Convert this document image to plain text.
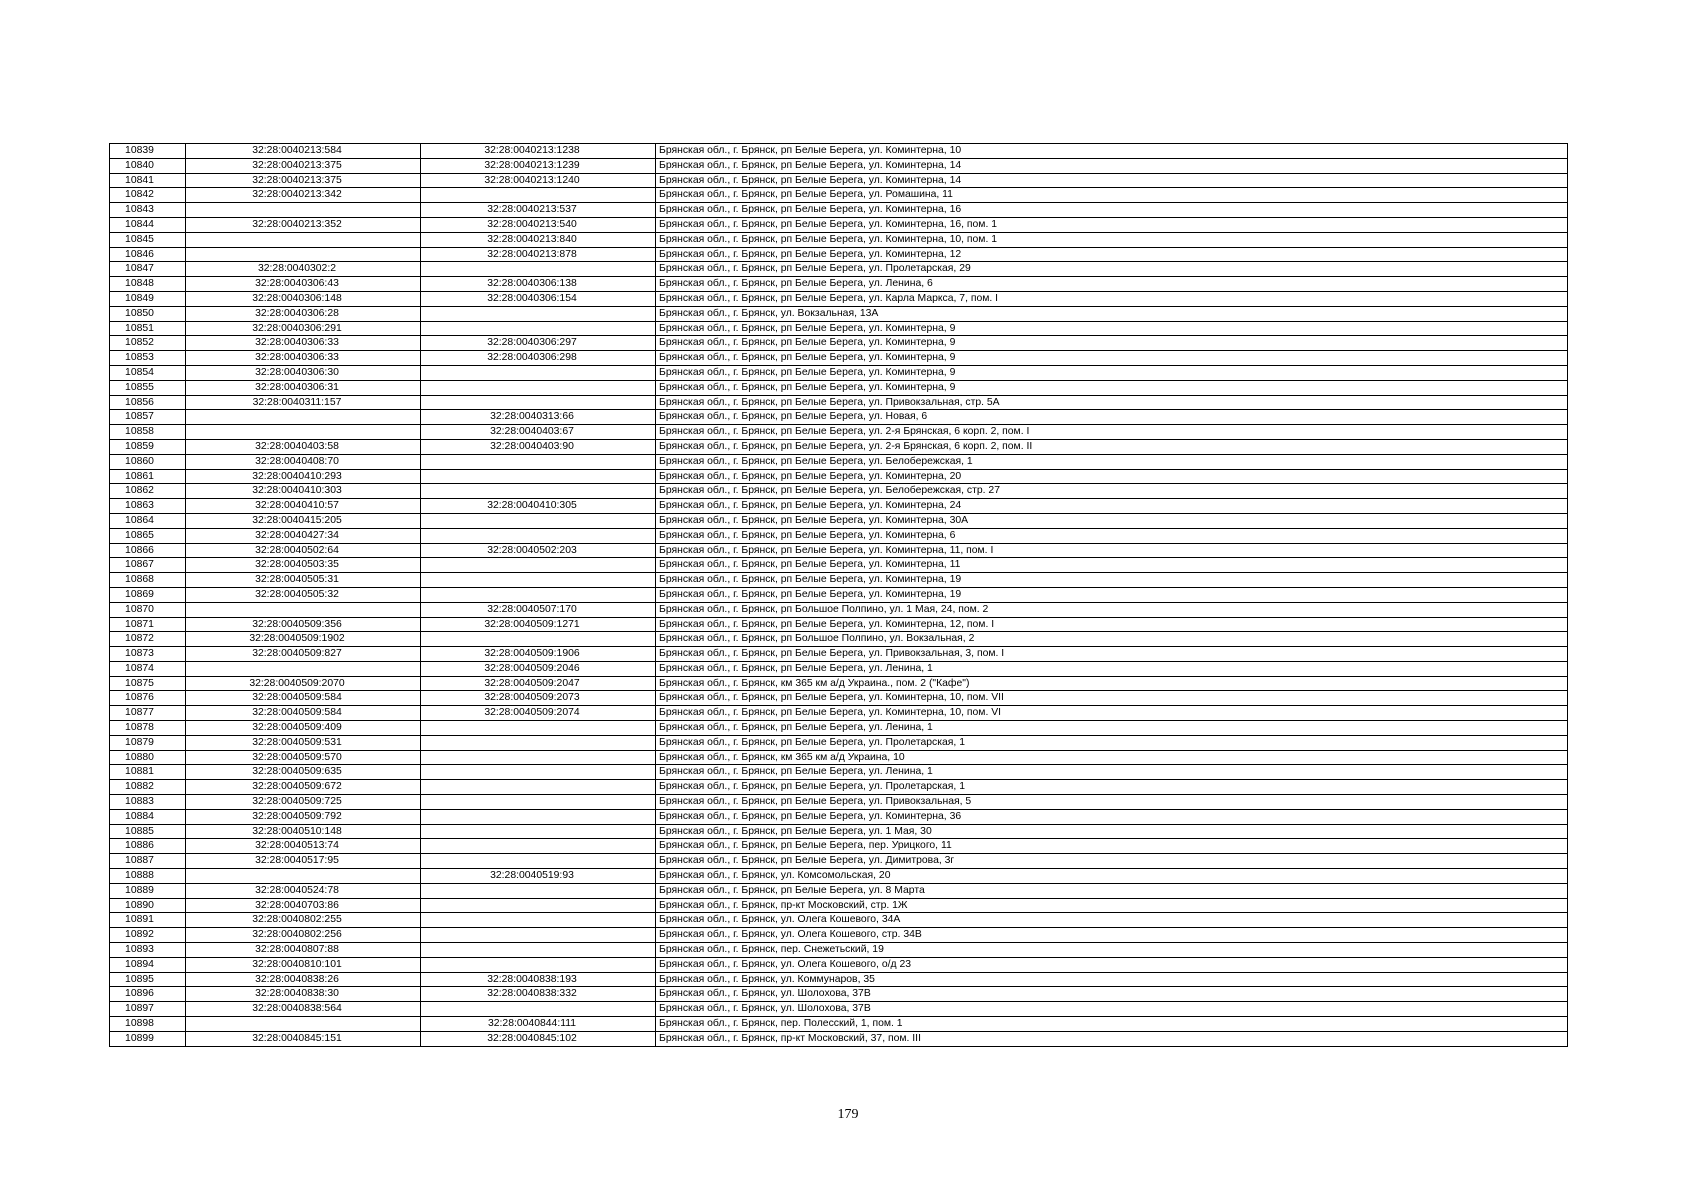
10839	32:28:0040213:584	32:28:0040213:1238	Брянская обл., г. Брянск, рп Белые Берега, ул. Коминтерна, 10
10840	32:28:0040213:375	32:28:0040213:1239	Брянская обл., г. Брянск, рп Белые Берега, ул. Коминтерна, 14
10841	32:28:0040213:375	32:28:0040213:1240	Брянская обл., г. Брянск, рп Белые Берега, ул. Коминтерна, 14
10842	32:28:0040213:342		Брянская обл., г. Брянск, рп Белые Берега, ул. Ромашина, 11
10843		32:28:0040213:537	Брянская обл., г. Брянск, рп Белые Берега, ул. Коминтерна, 16
10844	32:28:0040213:352	32:28:0040213:540	Брянская обл., г. Брянск, рп Белые Берега, ул. Коминтерна, 16, пом. 1
10845		32:28:0040213:840	Брянская обл., г. Брянск, рп Белые Берега, ул. Коминтерна, 10, пом. 1
10846		32:28:0040213:878	Брянская обл., г. Брянск, рп Белые Берега, ул. Коминтерна, 12
10847	32:28:0040302:2		Брянская обл., г. Брянск, рп Белые Берега, ул. Пролетарская, 29
10848	32:28:0040306:43	32:28:0040306:138	Брянская обл., г. Брянск, рп Белые Берега, ул. Ленина, 6
10849	32:28:0040306:148	32:28:0040306:154	Брянская обл., г. Брянск, рп Белые Берега, ул. Карла Маркса, 7, пом. I
10850	32:28:0040306:28		Брянская обл., г. Брянск, ул. Вокзальная, 13А
10851	32:28:0040306:291		Брянская обл., г. Брянск, рп Белые Берега, ул. Коминтерна, 9
10852	32:28:0040306:33	32:28:0040306:297	Брянская обл., г. Брянск, рп Белые Берега, ул. Коминтерна, 9
10853	32:28:0040306:33	32:28:0040306:298	Брянская обл., г. Брянск, рп Белые Берега, ул. Коминтерна, 9
10854	32:28:0040306:30		Брянская обл., г. Брянск, рп Белые Берега, ул. Коминтерна, 9
10855	32:28:0040306:31		Брянская обл., г. Брянск, рп Белые Берега, ул. Коминтерна, 9
10856	32:28:0040311:157		Брянская обл., г. Брянск, рп Белые Берега, ул. Привокзальная, стр. 5А
10857		32:28:0040313:66	Брянская обл., г. Брянск, рп Белые Берега, ул. Новая, 6
10858		32:28:0040403:67	Брянская обл., г. Брянск, рп Белые Берега, ул. 2-я Брянская, 6 корп. 2, пом. I
10859	32:28:0040403:58	32:28:0040403:90	Брянская обл., г. Брянск, рп Белые Берега, ул. 2-я Брянская, 6 корп. 2, пом. II
10860	32:28:0040408:70		Брянская обл., г. Брянск, рп Белые Берега, ул. Белобережская, 1
10861	32:28:0040410:293		Брянская обл., г. Брянск, рп Белые Берега, ул. Коминтерна, 20
10862	32:28:0040410:303		Брянская обл., г. Брянск, рп Белые Берега, ул. Белобережская, стр. 27
10863	32:28:0040410:57	32:28:0040410:305	Брянская обл., г. Брянск, рп Белые Берега, ул. Коминтерна, 24
10864	32:28:0040415:205		Брянская обл., г. Брянск, рп Белые Берега, ул. Коминтерна, 30А
10865	32:28:0040427:34		Брянская обл., г. Брянск, рп Белые Берега, ул. Коминтерна, 6
10866	32:28:0040502:64	32:28:0040502:203	Брянская обл., г. Брянск, рп Белые Берега, ул. Коминтерна, 11, пом. I
10867	32:28:0040503:35		Брянская обл., г. Брянск, рп Белые Берега, ул. Коминтерна, 11
10868	32:28:0040505:31		Брянская обл., г. Брянск, рп Белые Берега, ул. Коминтерна, 19
10869	32:28:0040505:32		Брянская обл., г. Брянск, рп Белые Берега, ул. Коминтерна, 19
10870		32:28:0040507:170	Брянская обл., г. Брянск, рп Большое Полпино, ул. 1 Мая, 24, пом. 2
10871	32:28:0040509:356	32:28:0040509:1271	Брянская обл., г. Брянск, рп Белые Берега, ул. Коминтерна, 12, пом. I
10872	32:28:0040509:1902		Брянская обл., г. Брянск, рп Большое Полпино, ул. Вокзальная, 2
10873	32:28:0040509:827	32:28:0040509:1906	Брянская обл., г. Брянск, рп Белые Берега, ул. Привокзальная, 3, пом. I
10874		32:28:0040509:2046	Брянская обл., г. Брянск, рп Белые Берега, ул. Ленина, 1
10875	32:28:0040509:2070	32:28:0040509:2047	Брянская обл., г. Брянск, км 365 км а/д Украина., пом. 2 ("Кафе")
10876	32:28:0040509:584	32:28:0040509:2073	Брянская обл., г. Брянск, рп Белые Берега, ул. Коминтерна, 10, пом. VII
10877	32:28:0040509:584	32:28:0040509:2074	Брянская обл., г. Брянск, рп Белые Берега, ул. Коминтерна, 10, пом. VI
10878	32:28:0040509:409		Брянская обл., г. Брянск, рп Белые Берега, ул. Ленина, 1
10879	32:28:0040509:531		Брянская обл., г. Брянск, рп Белые Берега, ул. Пролетарская, 1
10880	32:28:0040509:570		Брянская обл., г. Брянск, км 365 км а/д Украина, 10
10881	32:28:0040509:635		Брянская обл., г. Брянск, рп Белые Берега, ул. Ленина, 1
10882	32:28:0040509:672		Брянская обл., г. Брянск, рп Белые Берега, ул. Пролетарская, 1
10883	32:28:0040509:725		Брянская обл., г. Брянск, рп Белые Берега, ул. Привокзальная, 5
10884	32:28:0040509:792		Брянская обл., г. Брянск, рп Белые Берега, ул. Коминтерна, 36
10885	32:28:0040510:148		Брянская обл., г. Брянск, рп Белые Берега, ул. 1 Мая, 30
10886	32:28:0040513:74		Брянская обл., г. Брянск, рп Белые Берега, пер. Урицкого, 11
10887	32:28:0040517:95		Брянская обл., г. Брянск, рп Белые Берега, ул. Димитрова, 3г
10888		32:28:0040519:93	Брянская обл., г. Брянск, ул. Комсомольская, 20
10889	32:28:0040524:78		Брянская обл., г. Брянск, рп Белые Берега, ул. 8 Марта
10890	32:28:0040703:86		Брянская обл., г. Брянск, пр-кт Московский, стр. 1Ж
10891	32:28:0040802:255		Брянская обл., г. Брянск, ул. Олега Кошевого, 34А
10892	32:28:0040802:256		Брянская обл., г. Брянск, ул. Олега Кошевого, стр. 34В
10893	32:28:0040807:88		Брянская обл., г. Брянск, пер. Снежетьский, 19
10894	32:28:0040810:101		Брянская обл., г. Брянск, ул. Олега Кошевого, о/д 23
10895	32:28:0040838:26	32:28:0040838:193	Брянская обл., г. Брянск, ул. Коммунаров, 35
10896	32:28:0040838:30	32:28:0040838:332	Брянская обл., г. Брянск, ул. Шолохова, 37В
10897	32:28:0040838:564		Брянская обл., г. Брянск, ул. Шолохова, 37В
10898		32:28:0040844:111	Брянская обл., г. Брянск, пер. Полесский, 1, пом. 1
10899	32:28:0040845:151	32:28:0040845:102	Брянская обл., г. Брянск, пр-кт Московский, 37, пом. III
179
